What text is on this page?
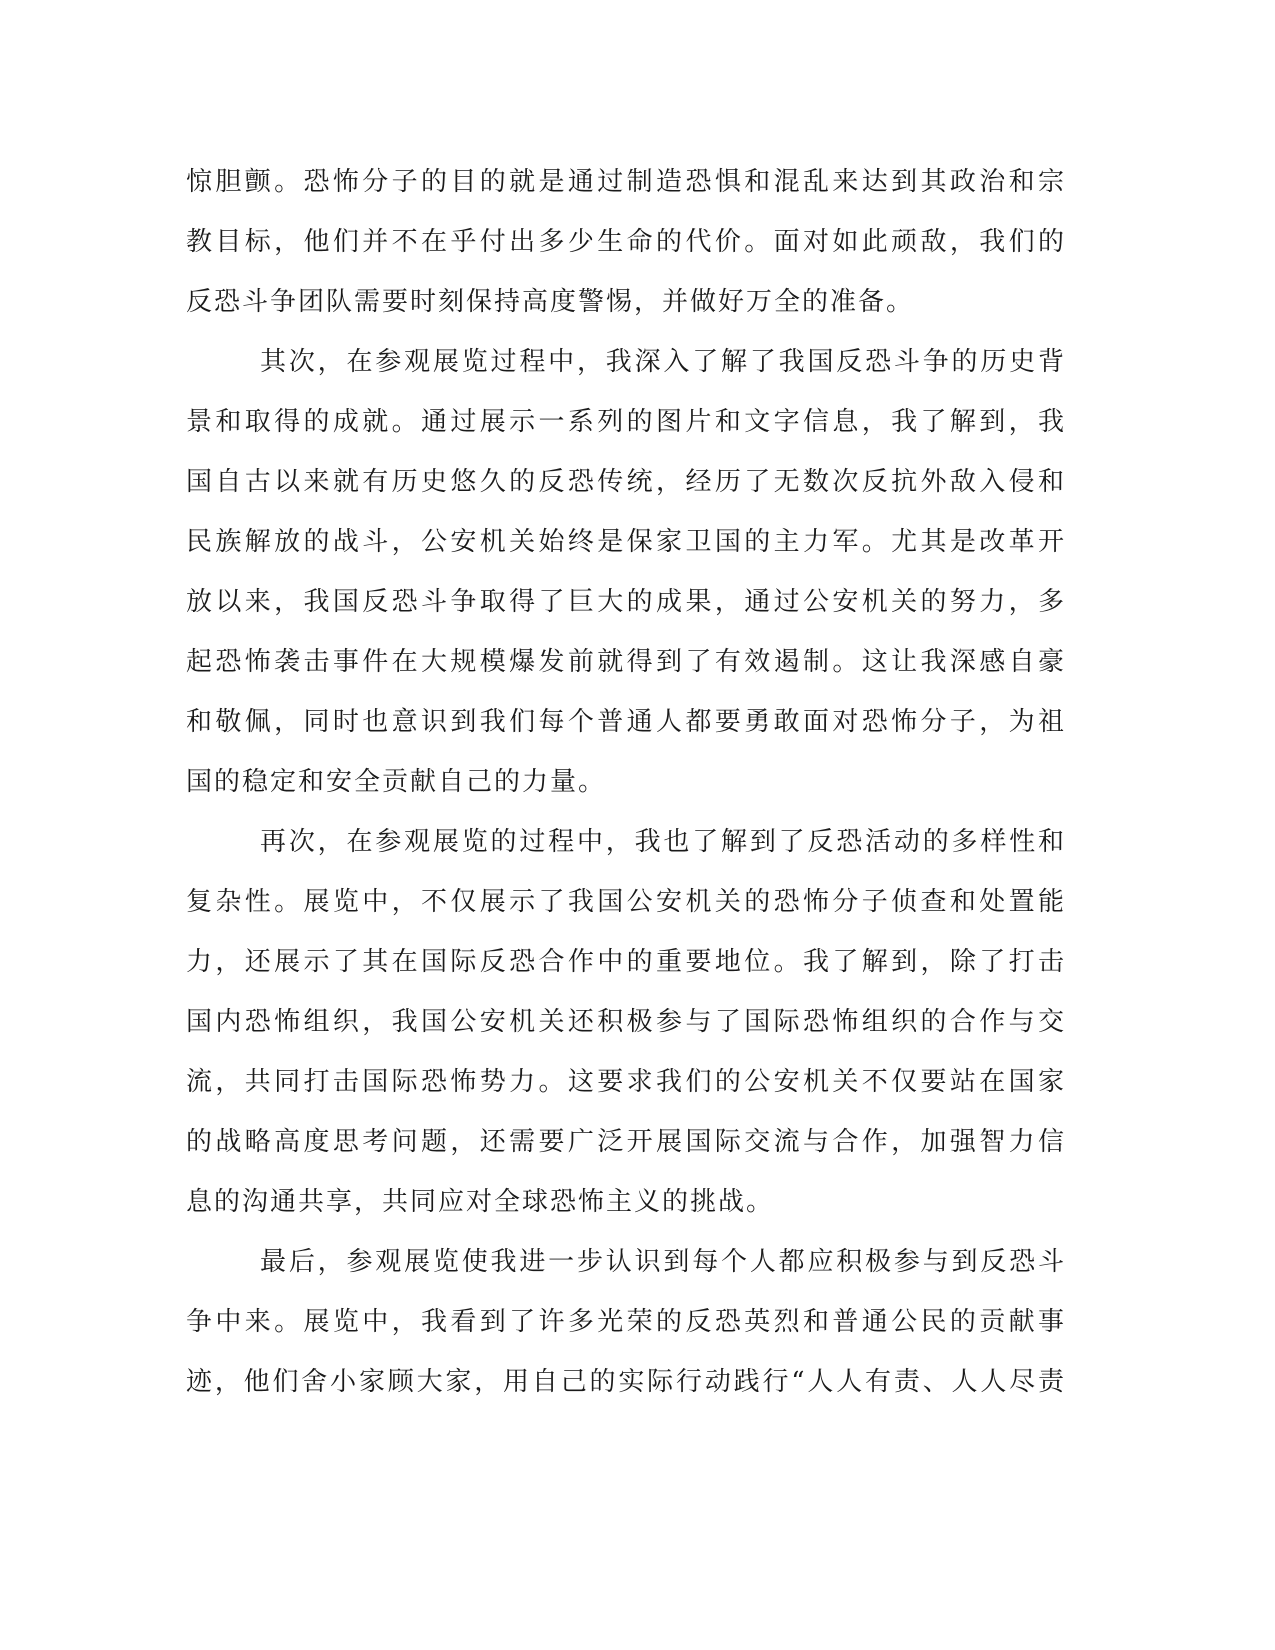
惊胆颤。恐怖分子的目的就是通过制造恐惧和混乱来达到其政治和宗
教目标，他们并不在乎付出多少生命的代价。面对如此顽敌，我们的
反恐斗争团队需要时刻保持高度警惕，并做好万全的准备。
其次，在参观展览过程中，我深入了解了我国反恐斗争的历史背
景和取得的成就。通过展示一系列的图片和文字信息，我了解到，我
国自古以来就有历史悠久的反恐传统，经历了无数次反抗外敌入侵和
民族解放的战斗，公安机关始终是保家卫国的主力军。尤其是改革开
放以来，我国反恐斗争取得了巨大的成果，通过公安机关的努力，多
起恐怖袭击事件在大规模爆发前就得到了有效遏制。这让我深感自豪
和敬佩，同时也意识到我们每个普通人都要勇敢面对恐怖分子，为祖
国的稳定和安全贡献自己的力量。
再次，在参观展览的过程中，我也了解到了反恐活动的多样性和
复杂性。展览中，不仅展示了我国公安机关的恐怖分子侦查和处置能
力，还展示了其在国际反恐合作中的重要地位。我了解到，除了打击
国内恐怖组织，我国公安机关还积极参与了国际恐怖组织的合作与交
流，共同打击国际恐怖势力。这要求我们的公安机关不仅要站在国家
的战略高度思考问题，还需要广泛开展国际交流与合作，加强智力信
息的沟通共享，共同应对全球恐怖主义的挑战。
最后，参观展览使我进一步认识到每个人都应积极参与到反恐斗
争中来。展览中，我看到了许多光荣的反恐英烈和普通公民的贡献事
迹，他们舍小家顾大家，用自己的实际行动践行“人人有责、人人尽责
